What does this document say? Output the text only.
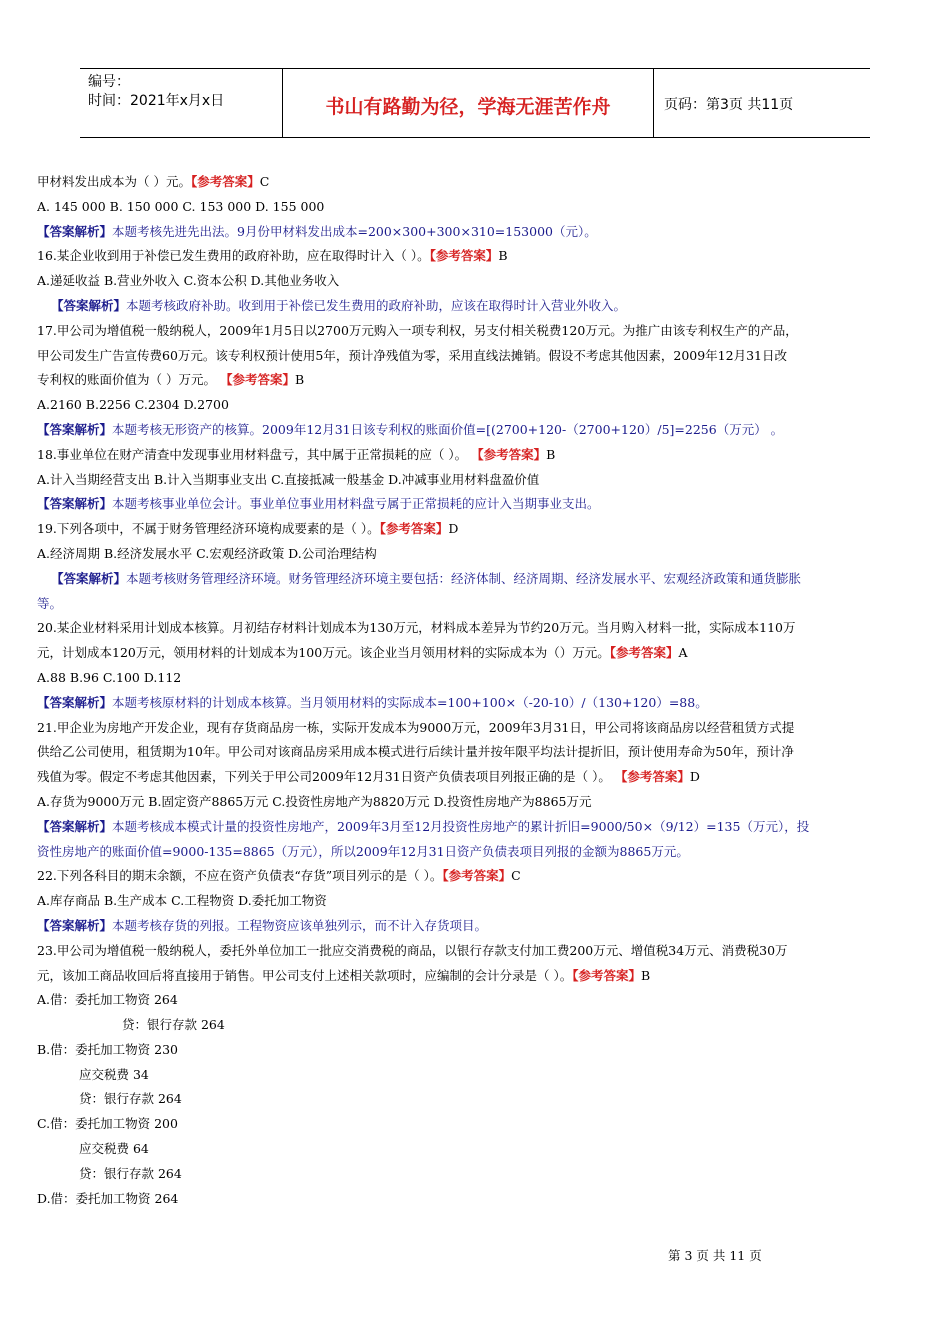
编号：
时间：2021年x月x日	书山有路勤为径，学海无涯苦作舟	页码：第3页 共11页
甲材料发出成本为（ ）元。【参考答案】C
A. 145 000 B. 150 000 C. 153 000 D. 155 000
【答案解析】本题考核先进先出法。9月份甲材料发出成本=200×300+300×310=153000（元）。
16.某企业收到用于补偿已发生费用的政府补助，应在取得时计入（ ）。【参考答案】B
A.递延收益 B.营业外收入 C.资本公积 D.其他业务收入
【答案解析】本题考核政府补助。收到用于补偿已发生费用的政府补助，应该在取得时计入营业外收入。
17.甲公司为增值税一般纳税人，2009年1月5日以2700万元购入一项专利权，另支付相关税费120万元。为推广由该专利权生产的产品，
甲公司发生广告宣传费60万元。该专利权预计使用5年，预计净残值为零，采用直线法摊销。假设不考虑其他因素，2009年12月31日改
专利权的账面价值为（ ）万元。 【参考答案】B
A.2160 B.2256 C.2304 D.2700
【答案解析】本题考核无形资产的核算。2009年12月31日该专利权的账面价值=[(2700+120-（2700+120）/5]=2256（万元） 。
18.事业单位在财产清查中发现事业用材料盘亏，其中属于正常损耗的应（ ）。 【参考答案】B
A.计入当期经营支出 B.计入当期事业支出 C.直接抵减一般基金 D.冲减事业用材料盘盈价值
【答案解析】本题考核事业单位会计。事业单位事业用材料盘亏属于正常损耗的应计入当期事业支出。
19.下列各项中，不属于财务管理经济环境构成要素的是（ ）。【参考答案】D
A.经济周期 B.经济发展水平 C.宏观经济政策 D.公司治理结构
【答案解析】本题考核财务管理经济环境。财务管理经济环境主要包括：经济体制、经济周期、经济发展水平、宏观经济政策和通货膨胀
等。
20.某企业材料采用计划成本核算。月初结存材料计划成本为130万元，材料成本差异为节约20万元。当月购入材料一批，实际成本110万
元，计划成本120万元，领用材料的计划成本为100万元。该企业当月领用材料的实际成本为（）万元。【参考答案】A
A.88 B.96 C.100 D.112
【答案解析】本题考核原材料的计划成本核算。当月领用材料的实际成本=100+100×（-20-10）/（130+120）=88。
21.甲企业为房地产开发企业，现有存货商品房一栋，实际开发成本为9000万元，2009年3月31日，甲公司将该商品房以经营租赁方式提
供给乙公司使用，租赁期为10年。甲公司对该商品房采用成本模式进行后续计量并按年限平均法计提折旧，预计使用寿命为50年，预计净
残值为零。假定不考虑其他因素，下列关于甲公司2009年12月31日资产负债表项目列报正确的是（ ）。 【参考答案】D
A.存货为9000万元 B.固定资产8865万元 C.投资性房地产为8820万元 D.投资性房地产为8865万元
【答案解析】本题考核成本模式计量的投资性房地产，2009年3月至12月投资性房地产的累计折旧=9000/50×（9/12）=135（万元），投
资性房地产的账面价值=9000-135=8865（万元），所以2009年12月31日资产负债表项目列报的金额为8865万元。
22.下列各科目的期末余额，不应在资产负债表“存货”项目列示的是（ ）。【参考答案】C
A.库存商品 B.生产成本 C.工程物资 D.委托加工物资
【答案解析】本题考核存货的列报。工程物资应该单独列示，而不计入存货项目。
23.甲公司为增值税一般纳税人，委托外单位加工一批应交消费税的商品，以银行存款支付加工费200万元、增值税34万元、消费税30万
元，该加工商品收回后将直接用于销售。甲公司支付上述相关款项时，应编制的会计分录是（ ）。【参考答案】B
A.借：委托加工物资 264
贷：银行存款 264
B.借：委托加工物资 230
应交税费 34
贷：银行存款 264
C.借：委托加工物资 200
应交税费 64
贷：银行存款 264
D.借：委托加工物资 264
第 3 页 共 11 页
